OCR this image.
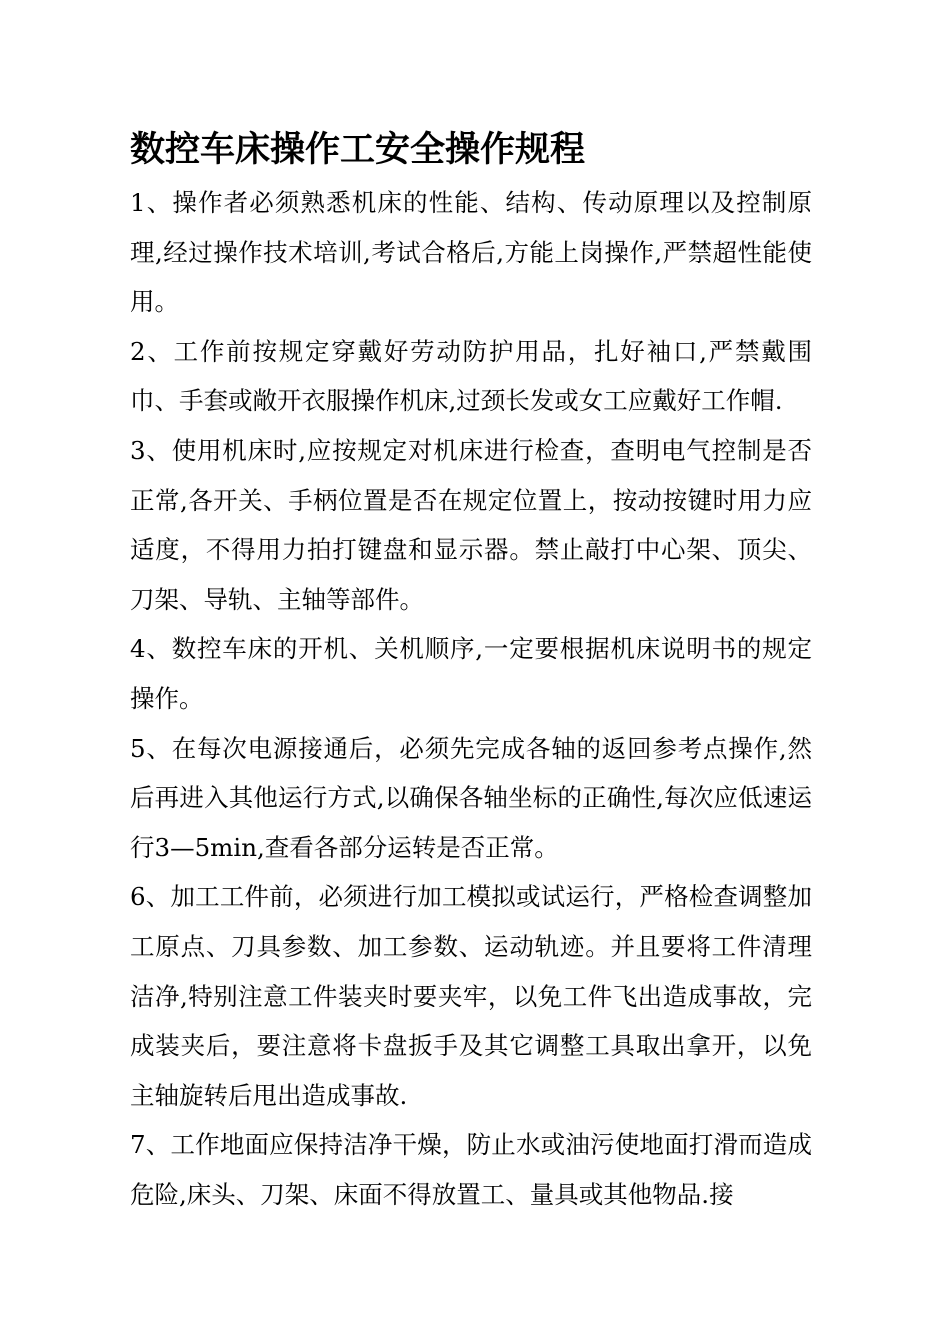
数控车床操作工安全操作规程

1、操作者必须熟悉机床的性能、结构、传动原理以及控制原理,经过操作技术培训,考试合格后,方能上岗操作,严禁超性能使用。

2、工作前按规定穿戴好劳动防护用品，扎好袖口,严禁戴围巾、手套或敞开衣服操作机床,过颈长发或女工应戴好工作帽.

3、使用机床时,应按规定对机床进行检查，查明电气控制是否正常,各开关、手柄位置是否在规定位置上，按动按键时用力应适度，不得用力拍打键盘和显示器。禁止敲打中心架、顶尖、刀架、导轨、主轴等部件。

4、数控车床的开机、关机顺序,一定要根据机床说明书的规定操作。

5、在每次电源接通后，必须先完成各轴的返回参考点操作,然后再进入其他运行方式,以确保各轴坐标的正确性,每次应低速运行3—5min,查看各部分运转是否正常。

6、加工工件前，必须进行加工模拟或试运行，严格检查调整加工原点、刀具参数、加工参数、运动轨迹。并且要将工件清理洁净,特别注意工件装夹时要夹牢，以免工件飞出造成事故，完成装夹后，要注意将卡盘扳手及其它调整工具取出拿开，以免主轴旋转后甩出造成事故.

7、工作地面应保持洁净干燥，防止水或油污使地面打滑而造成危险,床头、刀架、床面不得放置工、量具或其他物品.接
